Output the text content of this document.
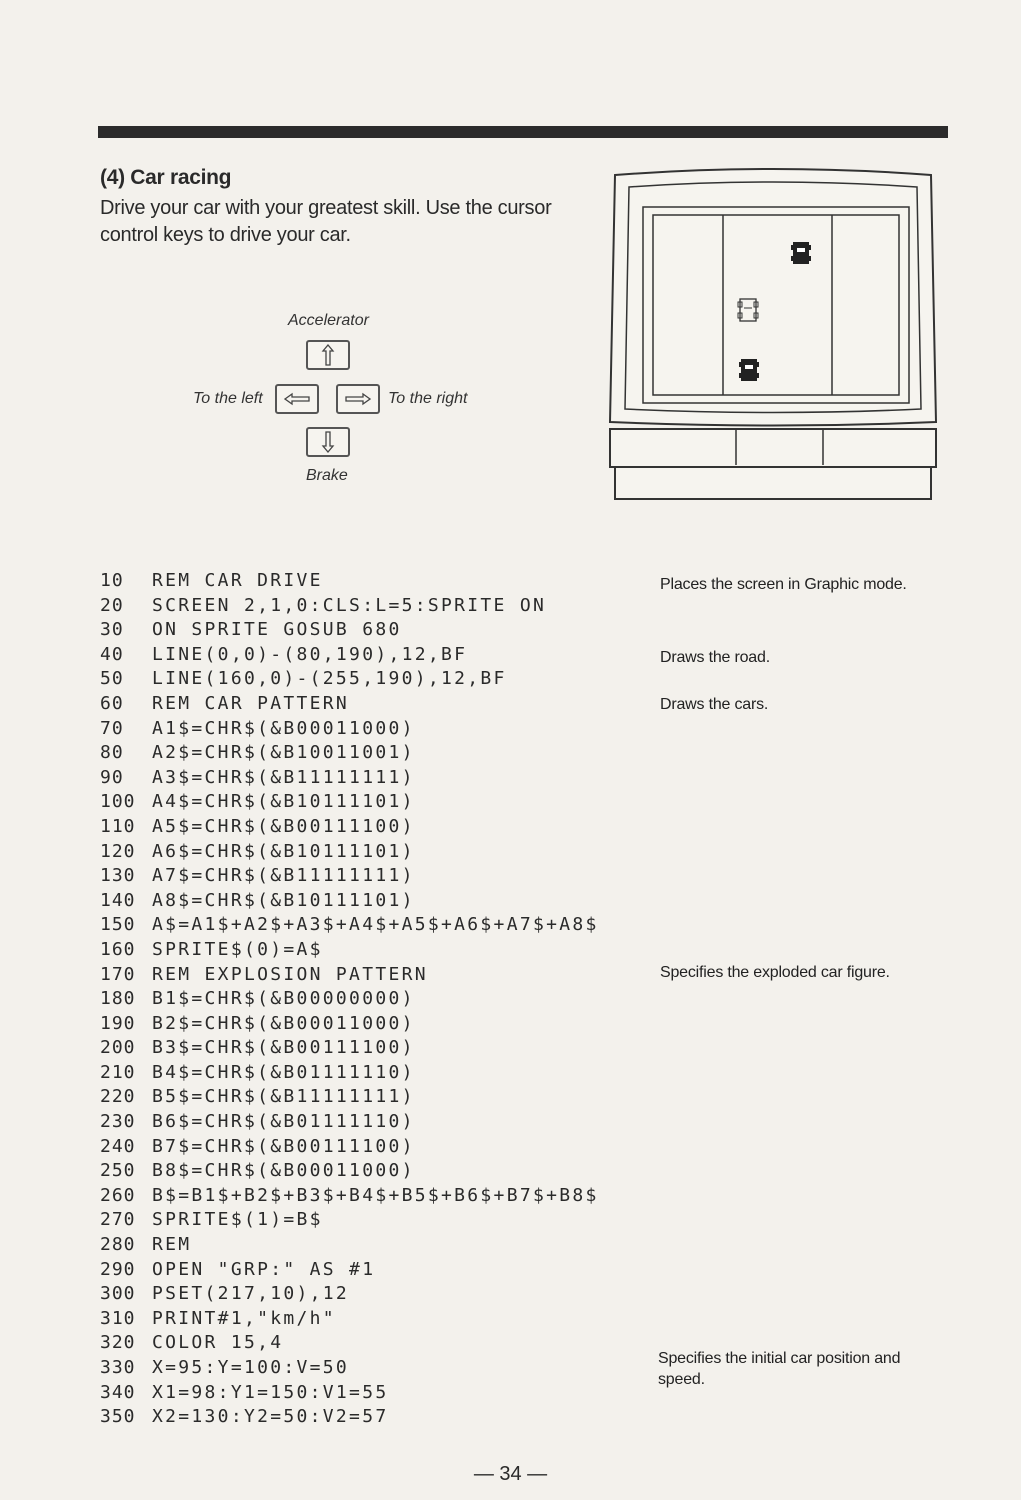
(4) Car racing
Drive your car with your greatest skill. Use the cursor control keys to drive your car.
Accelerator
To the left	To the right
Brake
10 REM CAR DRIVE
20 SCREEN 2,1,0:CLS:L=5:SPRITE ON
30 ON SPRITE GOSUB 680
40 LINE(0,0)-(80,190),12,BF
50 LINE(160,0)-(255,190),12,BF
60 REM CAR PATTERN
70 A1$=CHR$(&B00011000)
80 A2$=CHR$(&B10011001)
90 A3$=CHR$(&B11111111)
100 A4$=CHR$(&B10111101)
110 A5$=CHR$(&B00111100)
120 A6$=CHR$(&B10111101)
130 A7$=CHR$(&B11111111)
140 A8$=CHR$(&B10111101)
150 A$=A1$+A2$+A3$+A4$+A5$+A6$+A7$+A8$
160 SPRITE$(0)=A$
170 REM EXPLOSION PATTERN
180 B1$=CHR$(&B00000000)
190 B2$=CHR$(&B00011000)
200 B3$=CHR$(&B00111100)
210 B4$=CHR$(&B01111110)
220 B5$=CHR$(&B11111111)
230 B6$=CHR$(&B01111110)
240 B7$=CHR$(&B00111100)
250 B8$=CHR$(&B00011000)
260 B$=B1$+B2$+B3$+B4$+B5$+B6$+B7$+B8$
270 SPRITE$(1)=B$
280 REM
290 OPEN "GRP:" AS #1
300 PSET(217,10),12
310 PRINT#1,"km/h"
320 COLOR 15,4
330 X=95:Y=100:V=50
340 X1=98:Y1=150:V1=55
350 X2=130:Y2=50:V2=57
Places the screen in Graphic mode.
Draws the road.
Draws the cars.
Specifies the exploded car figure.
Specifies the initial car position and speed.
— 34 —
